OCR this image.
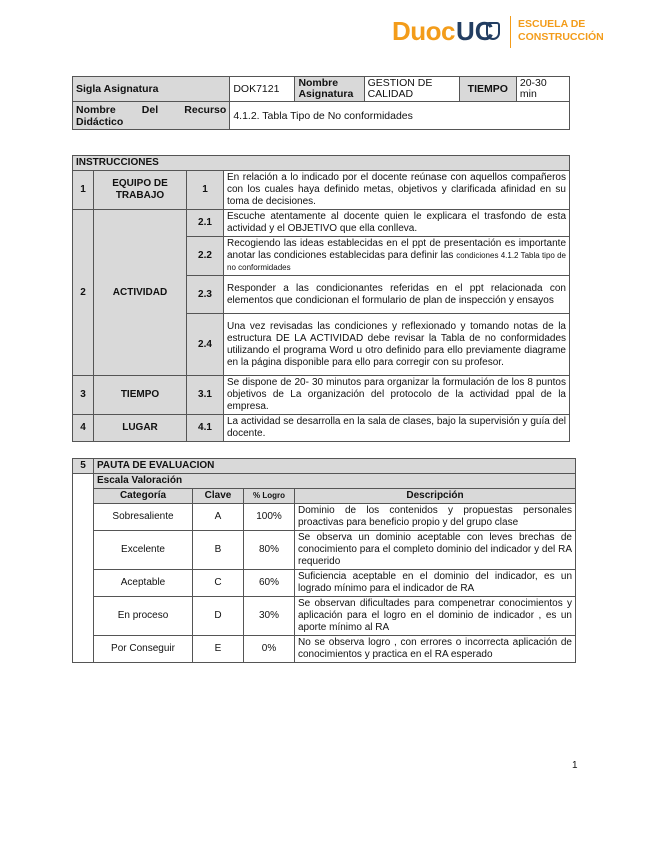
Duoc UC ESCUELA DE
CONSTRUCCIÓN
Sigla Asignatura	DOK7121	Nombre Asignatura	GESTION DE CALIDAD	TIEMPO	20-30 min
Nombre Del Recurso Didáctico	4.1.2. Tabla Tipo de No conformidades				
INSTRUCCIONES			
1	EQUIPO DE TRABAJO	1	En relación a lo indicado por el docente reúnase con aquellos compañeros con los cuales haya definido metas, objetivos y clarificada afinidad en su toma de decisiones.
2	ACTIVIDAD	2.1	Escuche atentamente al docente quien le explicara el trasfondo de esta actividad y el OBJETIVO que ella conlleva.
		2.2	Recogiendo las ideas establecidas en el ppt de presentación es importante anotar las condiciones establecidas para definir las condiciones 4.1.2 Tabla tipo de no conformidades
		2.3	Responder a las condicionantes referidas en el ppt relacionada con elementos que condicionan el formulario de plan de inspección y ensayos
		2.4	Una vez revisadas las condiciones y reflexionado y tomando notas de la estructura DE LA ACTIVIDAD debe revisar la Tabla de no conformidades utilizando el programa Word u otro definido para ello previamente diagrame en la página disponible para ello para corregir con su profesor.
3	TIEMPO	3.1	Se dispone de 20- 30 minutos para organizar la formulación de los 8 puntos objetivos de La organización del protocolo de la actividad ppal de la empresa.
4	LUGAR	4.1	La actividad se desarrolla en la sala de clases, bajo la supervisión y guía del docente.
5	PAUTA DE EVALUACION			
	Escala Valoración			
	Categoría	Clave	% Logro	Descripción
	Sobresaliente	A	100%	Dominio de los contenidos y propuestas personales proactivas para beneficio propio y del grupo clase
	Excelente	B	80%	Se observa un dominio aceptable con leves brechas de conocimiento para el completo dominio del indicador y del RA requerido
	Aceptable	C	60%	Suficiencia aceptable en el dominio del indicador, es un logrado mínimo para el indicador de RA
	En proceso	D	30%	Se observan dificultades para compenetrar conocimientos y aplicación para el logro en el dominio de indicador , es un aporte mínimo al RA
	Por Conseguir	E	0%	No se observa logro , con errores o incorrecta aplicación de conocimientos y practica en el RA esperado
1
